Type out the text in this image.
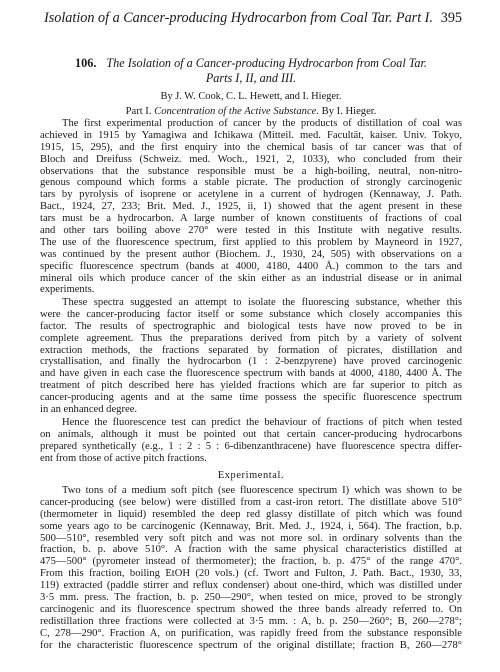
Isolation of a Cancer-producing Hydrocarbon from Coal Tar. Part I. 395
106. The Isolation of a Cancer-producing Hydrocarbon from Coal Tar.
Parts I, II, and III.
By J. W. Cook, C. L. Hewett, and I. Hieger.
Part I. Concentration of the Active Substance. By I. Hieger.
The first experimental production of cancer by the products of distillation of coal was
achieved in 1915 by Yamagiwa and Ichikawa (Mitteil. med. Facultät, kaiser. Univ. Tokyo,
1915, 15, 295), and the first enquiry into the chemical basis of tar cancer was that of
Bloch and Dreifuss (Schweiz. med. Woch., 1921, 2, 1033), who concluded from their
observations that the substance responsible must be a high-boiling, neutral, non-nitro-
genous compound which forms a stable picrate. The production of strongly carcinogenic
tars by pyrolysis of isoprene or acetylene in a current of hydrogen (Kennaway, J. Path.
Bact., 1924, 27, 233; Brit. Med. J., 1925, ii, 1) showed that the agent present in these
tars must be a hydrocarbon. A large number of known constituents of fractions of coal
and other tars boiling above 270° were tested in this Institute with negative results.
The use of the fluorescence spectrum, first applied to this problem by Mayneord in 1927,
was continued by the present author (Biochem. J., 1930, 24, 505) with observations on a
specific fluorescence spectrum (bands at 4000, 4180, 4400 Å.) common to the tars and
mineral oils which produce cancer of the skin either as an industrial disease or in animal
experiments.
These spectra suggested an attempt to isolate the fluorescing substance, whether this
were the cancer-producing factor itself or some substance which closely accompanies this
factor. The results of spectrographic and biological tests have now proved to be in
complete agreement. Thus the preparations derived from pitch by a variety of solvent
extraction methods, the fractions separated by formation of picrates, distillation and
crystallisation, and finally the hydrocarbon (1 : 2-benzpyrene) have proved carcinogenic
and have given in each case the fluorescence spectrum with bands at 4000, 4180, 4400 Å. The
treatment of pitch described here has yielded fractions which are far superior to pitch as
cancer-producing agents and at the same time possess the specific fluorescence spectrum
in an enhanced degree.
Hence the fluorescence test can predict the behaviour of fractions of pitch when tested
on animals, although it must be pointed out that certain cancer-producing hydrocarbons
prepared synthetically (e.g., 1 : 2 : 5 : 6-dibenzanthracene) have fluorescence spectra differ-
ent from those of active pitch fractions.
Experimental.
Two tons of a medium soft pitch (see fluorescence spectrum I) which was shown to be
cancer-producing (see below) were distilled from a cast-iron retort. The distillate above 510°
(thermometer in liquid) resembled the deep red glassy distillate of pitch which was found
some years ago to be carcinogenic (Kennaway, Brit. Med. J., 1924, i, 564). The fraction, b.p.
500—510°, resembled very soft pitch and was not more sol. in ordinary solvents than the
fraction, b. p. above 510°. A fraction with the same physical characteristics distilled at
475—500° (pyrometer instead of thermometer); the fraction, b. p. 475° of the range 470°.
From this fraction, boiling EtOH (20 vols.) (cf. Twort and Fulton, J. Path. Bact., 1930, 33,
119) extracted (paddle stirrer and reflux condenser) about one-third, which was distilled under
3·5 mm. press. The fraction, b. p. 250—290°, when tested on mice, proved to be strongly
carcinogenic and its fluorescence spectrum showed the three bands already referred to. On
redistillation three fractions were collected at 3·5 mm. : A, b. p. 250—260°; B, 260—278°;
C, 278—290°. Fraction A, on purification, was rapidly freed from the substance responsible
for the characteristic fluorescence spectrum of the original distillate; fraction B, 260—278°
